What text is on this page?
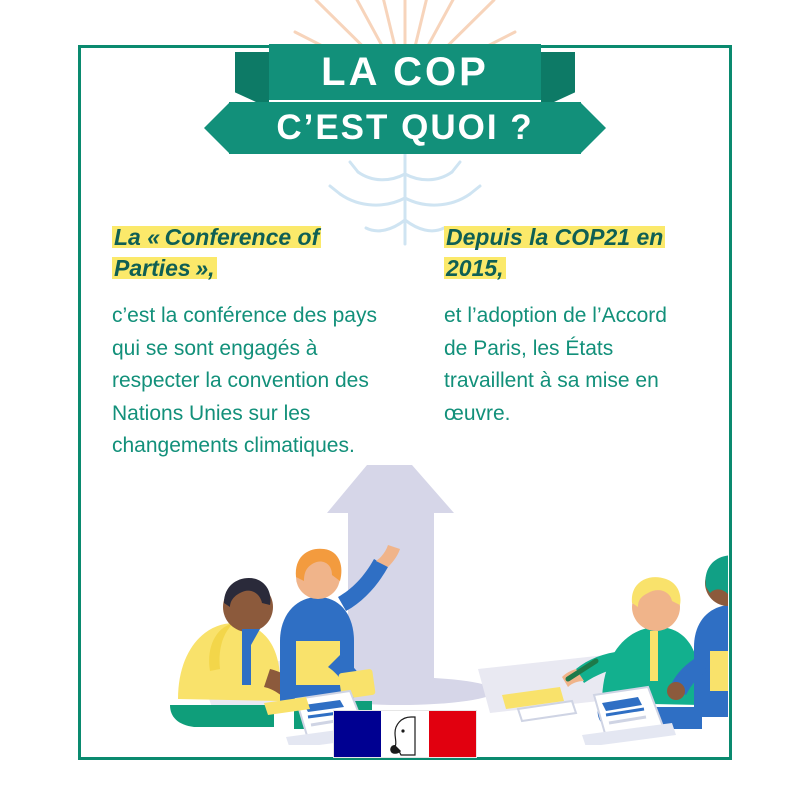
LA COP
C’EST QUOI ?
La « Conference of Parties »,
c’est la conférence des pays qui se sont engagés à respecter la convention des Nations Unies sur les changements climatiques.
Depuis la COP21 en 2015,
et l’adoption de l’Accord de Paris, les États travaillent à sa mise en œuvre.
